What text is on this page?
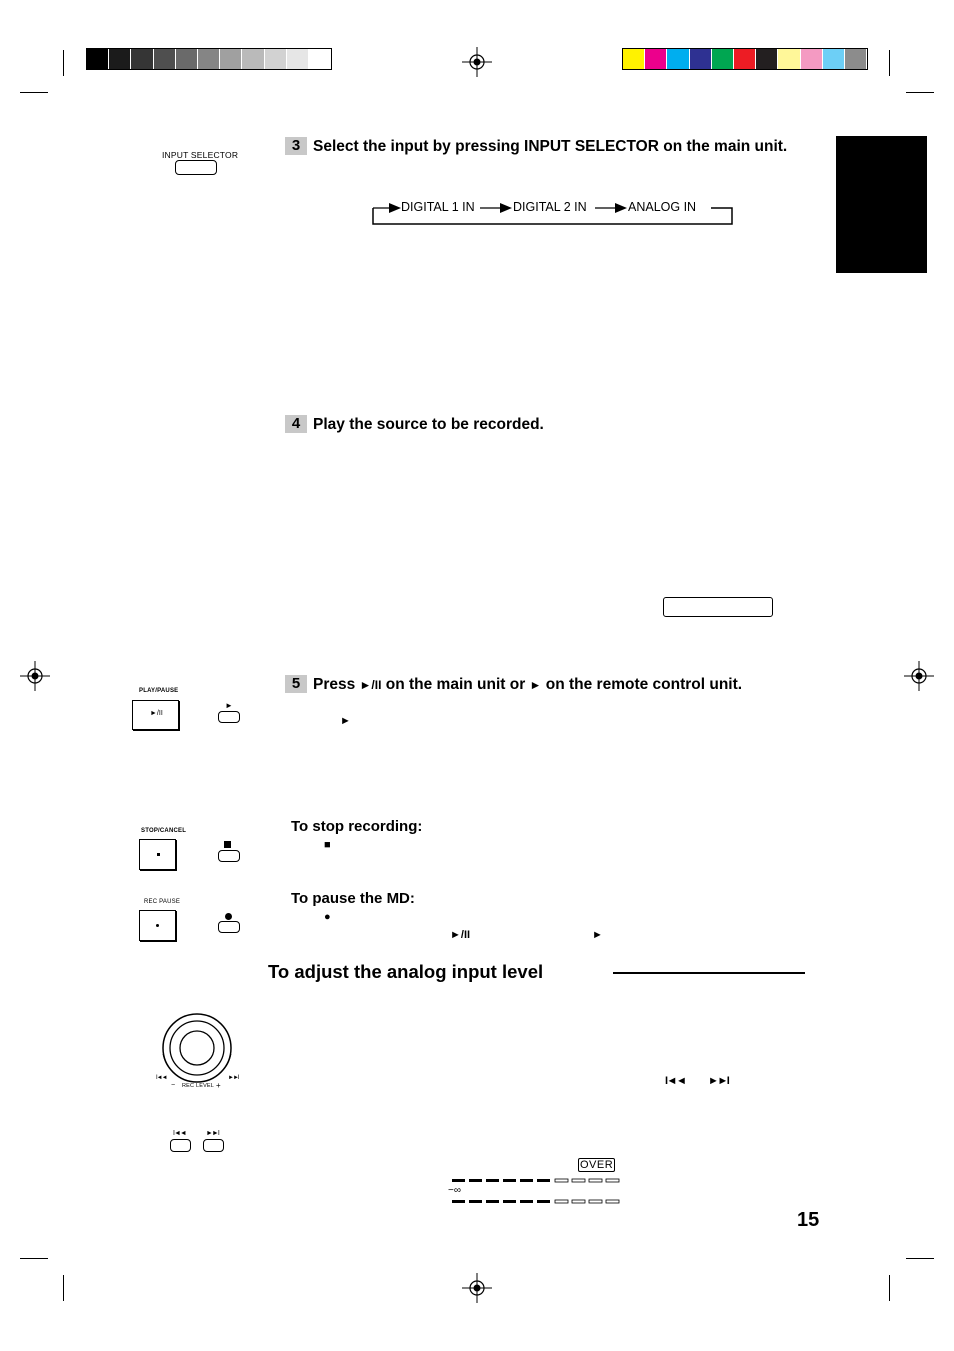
3 Select the input by pressing INPUT SELECTOR on the main unit.
INPUT SELECTOR
DIGITAL 1 IN	DIGITAL 2 IN	ANALOG IN
4 Play the source to be recorded.
5 Press ►/II on the main unit or ► on the remote control unit.
►
PLAY/PAUSE
►/II
►
To stop recording:
■
STOP/CANCEL
To pause the MD:
●
►/II	►
REC PAUSE
To adjust the analog input level
I◄◄	►►I
− REC LEVEL +
I◄◄	►►I
I◄◄ ►►I
OVER
−∞
15
